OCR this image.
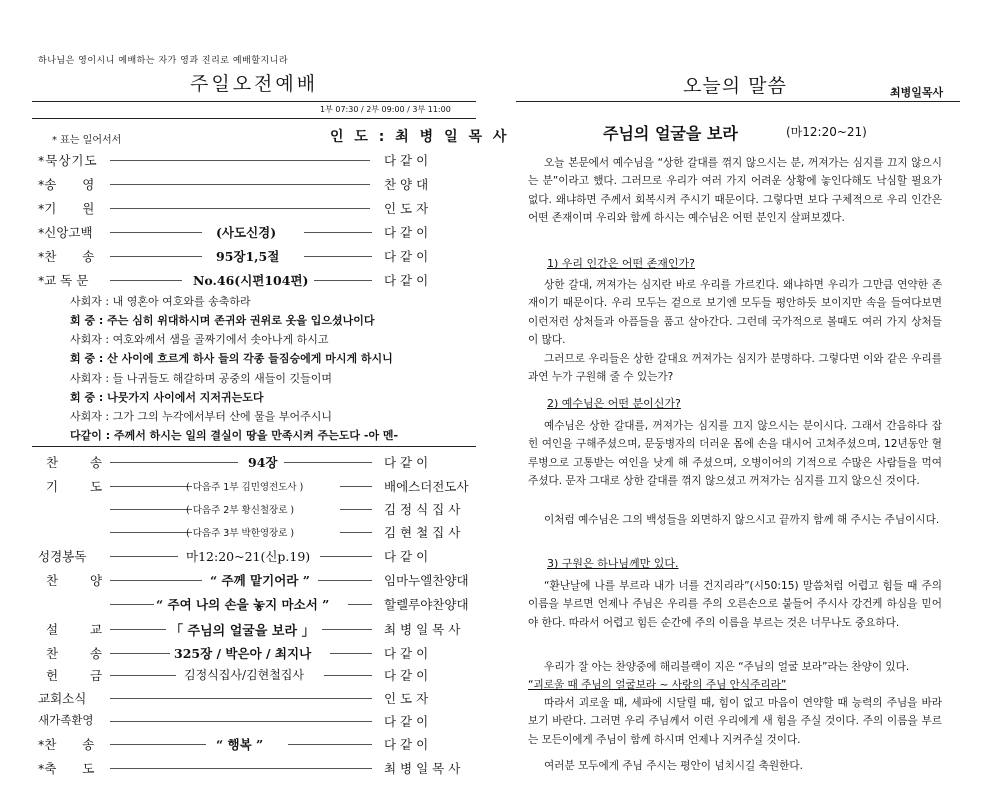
하나님은 영이시니 예배하는 자가 영과 진리로 예배할지니라
주일오전예배
1부 07:30 / 2부 09:00 / 3부 11:00
* 표는 일어서서	인 도 : 최 병 일 목 사
*묵상기도	다 같 이
*송 영	찬 양 대
*기 원	인 도 자
*신앙고백	(사도신경)	다 같 이
*찬 송	95장1,5절	다 같 이
*교 독 문	No.46(시편104편)	다 같 이
사회자 : 내 영혼아 여호와를 송축하라
회 중 : 주는 심히 위대하시며 존귀와 권위로 옷을 입으셨나이다
사회자 : 여호와께서 샘을 골짜기에서 솟아나게 하시고
회 중 : 산 사이에 흐르게 하사 들의 각종 들짐승에게 마시게 하시니
사회자 : 들 나귀들도 해갈하며 공중의 새들이 깃들이며
회 중 : 나뭇가지 사이에서 지저귀는도다
사회자 : 그가 그의 누각에서부터 산에 물을 부어주시니
다같이 : 주께서 하시는 일의 결실이 땅을 만족시켜 주는도다 -아 멘-
찬 송	94장	다 같 이
기 도	( 다음주 1부 김민영전도사 )	배에스더전도사
( 다음주 2부 황신철장로 )	김 정 식 집 사
( 다음주 3부 박한영장로 )	김 현 철 집 사
성경봉독	마12:20~21(신p.19)	다 같 이
찬 양	“ 주께 맡기어라 ”	임마누엘찬양대
“ 주여 나의 손을 놓지 마소서 ”	할렐루야찬양대
설 교	「 주님의 얼굴을 보라 」	최 병 일 목 사
찬 송	325장 / 박은아 / 최지나	다 같 이
헌 금	김정식집사/김현철집사	다 같 이
교회소식	인 도 자
새가족환영	다 같 이
*찬 송	“ 행복 ”	다 같 이
*축 도	최 병 일 목 사
오늘의 말씀	최병일목사
주님의 얼굴을 보라	(마12:20~21)
오늘 본문에서 예수님을 “상한 갈대를 꺾지 않으시는 분, 꺼져가는 심지를 끄지 않으시는 분”이라고 했다. 그러므로 우리가 여러 가지 어려운 상황에 놓인다해도 낙심할 필요가 없다. 왜냐하면 주께서 회복시켜 주시기 때문이다. 그렇다면 보다 구체적으로 우리 인간은 어떤 존재이며 우리와 함께 하시는 예수님은 어떤 분인지 살펴보겠다.
1) 우리 인간은 어떤 존재인가?
상한 갈대, 꺼져가는 심지란 바로 우리를 가르킨다. 왜냐하면 우리가 그만큼 연약한 존재이기 때문이다. 우리 모두는 겉으로 보기엔 모두들 평안하듯 보이지만 속을 들여다보면 이런저런 상처들과 아픔들을 품고 살아간다. 그런데 국가적으로 볼때도 여러 가지 상처들이 많다.
그러므로 우리들은 상한 갈대요 꺼져가는 심지가 분명하다. 그렇다면 이와 같은 우리를 과연 누가 구원해 줄 수 있는가?
2) 예수님은 어떤 분이신가?
예수님은 상한 갈대를, 꺼져가는 심지를 끄지 않으시는 분이시다. 그래서 간음하다 잡힌 여인을 구해주셨으며, 문둥병자의 더러운 몸에 손을 대시어 고쳐주셨으며, 12년동안 혈루병으로 고통받는 여인을 낫게 해 주셨으며, 오병이어의 기적으로 수많은 사람들을 먹여주셨다. 문자 그대로 상한 갈대를 꺾지 않으셨고 꺼져가는 심지를 끄지 않으신 것이다.
이처럼 예수님은 그의 백성들을 외면하지 않으시고 끝까지 함께 해 주시는 주님이시다.
3) 구원은 하나님께만 있다.
“환난날에 나를 부르라 내가 너를 건지리라”(시50:15) 말씀처럼 어렵고 힘들 때 주의 이름을 부르면 언제나 주님은 우리를 주의 오른손으로 붙들어 주시사 강건케 하심을 믿어야 한다. 따라서 어렵고 힘든 순간에 주의 이름을 부르는 것은 너무나도 중요하다.
우리가 잘 아는 찬양중에 해리블랙이 지은 “주님의 얼굴 보라”라는 찬양이 있다.
“괴로울 때 주님의 얼굴보라 ~ 사랑의 주님 안식주리라”
따라서 괴로울 때, 세파에 시달릴 때, 힘이 없고 마음이 연약할 때 능력의 주님을 바라보기 바란다. 그러면 우리 주님께서 이런 우리에게 새 힘을 주실 것이다. 주의 이름을 부르는 모든이에게 주님이 함께 하시며 언제나 지켜주실 것이다.
여러분 모두에게 주님 주시는 평안이 넘치시길 축원한다.
